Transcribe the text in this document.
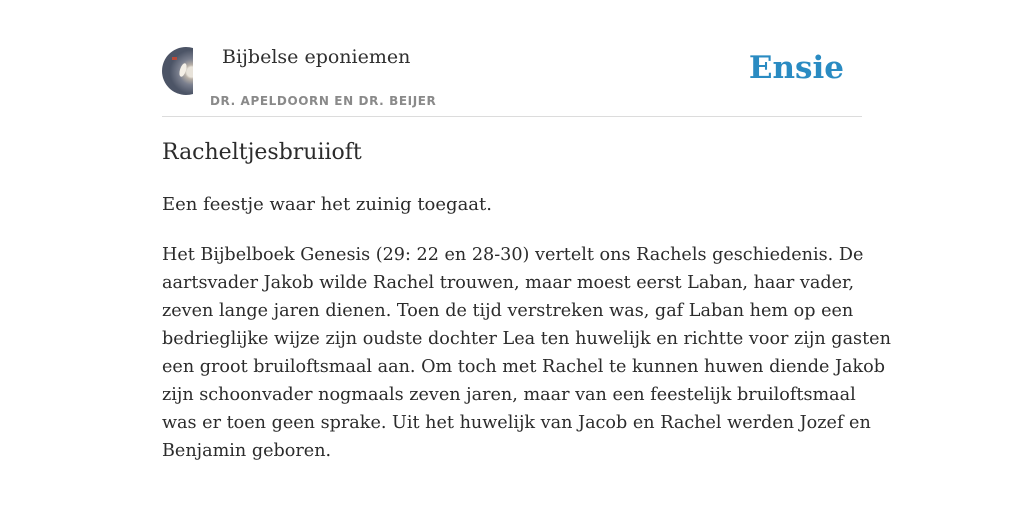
Bijbelse eponiemen
DR. APELDOORN EN DR. BEIJER
Ensie
Racheltjesbruiioft
Een feestje waar het zuinig toegaat.
Het Bijbelboek Genesis (29: 22 en 28-30) vertelt ons Rachels geschiedenis. De
aartsvader Jakob wilde Rachel trouwen, maar moest eerst Laban, haar vader,
zeven lange jaren dienen. Toen de tijd verstreken was, gaf Laban hem op een
bedrieglijke wijze zijn oudste dochter Lea ten huwelijk en richtte voor zijn gasten
een groot bruiloftsmaal aan. Om toch met Rachel te kunnen huwen diende Jakob
zijn schoonvader nogmaals zeven jaren, maar van een feestelijk bruiloftsmaal
was er toen geen sprake. Uit het huwelijk van Jacob en Rachel werden Jozef en
Benjamin geboren.
